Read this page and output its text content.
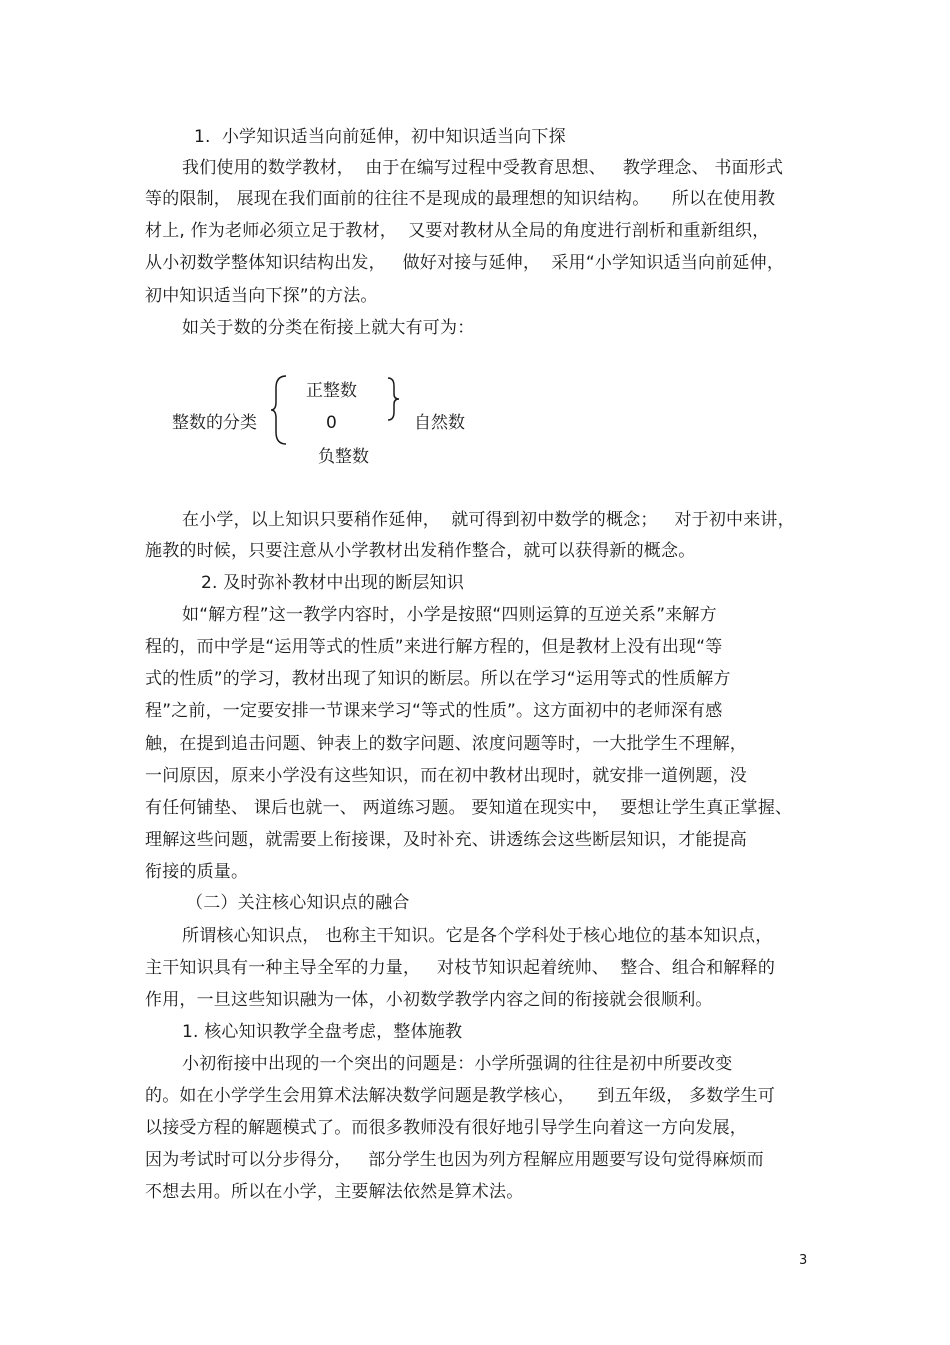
1.  小学知识适当向前延伸，初中知识适当向下探
我们使用的数学教材，  由于在编写过程中受教育思想、   教学理念、 书面形式
等的限制， 展现在我们面前的往往不是现成的最理想的知识结构。    所以在使用教
材上, 作为老师必须立足于教材，  又要对教材从全局的角度进行剖析和重新组织，
从小初数学整体知识结构出发，   做好对接与延伸，  采用“小学知识适当向前延伸，
初中知识适当向下探”的方法。
如关于数的分类在衔接上就大有可为：
整数的分类
正整数
0
负整数
自然数
在小学，以上知识只要稍作延伸，  就可得到初中数学的概念；   对于初中来讲，
施教的时候，只要注意从小学教材出发稍作整合，就可以获得新的概念。
2. 及时弥补教材中出现的断层知识
如“解方程”这一教学内容时，小学是按照“四则运算的互逆关系”来解方
程的，而中学是“运用等式的性质”来进行解方程的，但是教材上没有出现“等
式的性质”的学习，教材出现了知识的断层。所以在学习“运用等式的性质解方
程”之前，一定要安排一节课来学习“等式的性质”。这方面初中的老师深有感
触，在提到追击问题、钟表上的数字问题、浓度问题等时，一大批学生不理解，
一问原因，原来小学没有这些知识，而在初中教材出现时，就安排一道例题，没
有任何铺垫、 课后也就一、 两道练习题。 要知道在现实中，  要想让学生真正掌握、
理解这些问题，就需要上衔接课，及时补充、讲透练会这些断层知识，才能提高
衔接的质量。
（二）关注核心知识点的融合
所谓核心知识点， 也称主干知识。它是各个学科处于核心地位的基本知识点，
主干知识具有一种主导全军的力量，   对枝节知识起着统帅、  整合、组合和解释的
作用，一旦这些知识融为一体，小初数学教学内容之间的衔接就会很顺利。
1. 核心知识教学全盘考虑，整体施教
小初衔接中出现的一个突出的问题是：小学所强调的往往是初中所要改变
的。如在小学学生会用算术法解决数学问题是教学核心，    到五年级， 多数学生可
以接受方程的解题模式了。而很多教师没有很好地引导学生向着这一方向发展，
因为考试时可以分步得分，   部分学生也因为列方程解应用题要写设句觉得麻烦而
不想去用。所以在小学，主要解法依然是算术法。
3
